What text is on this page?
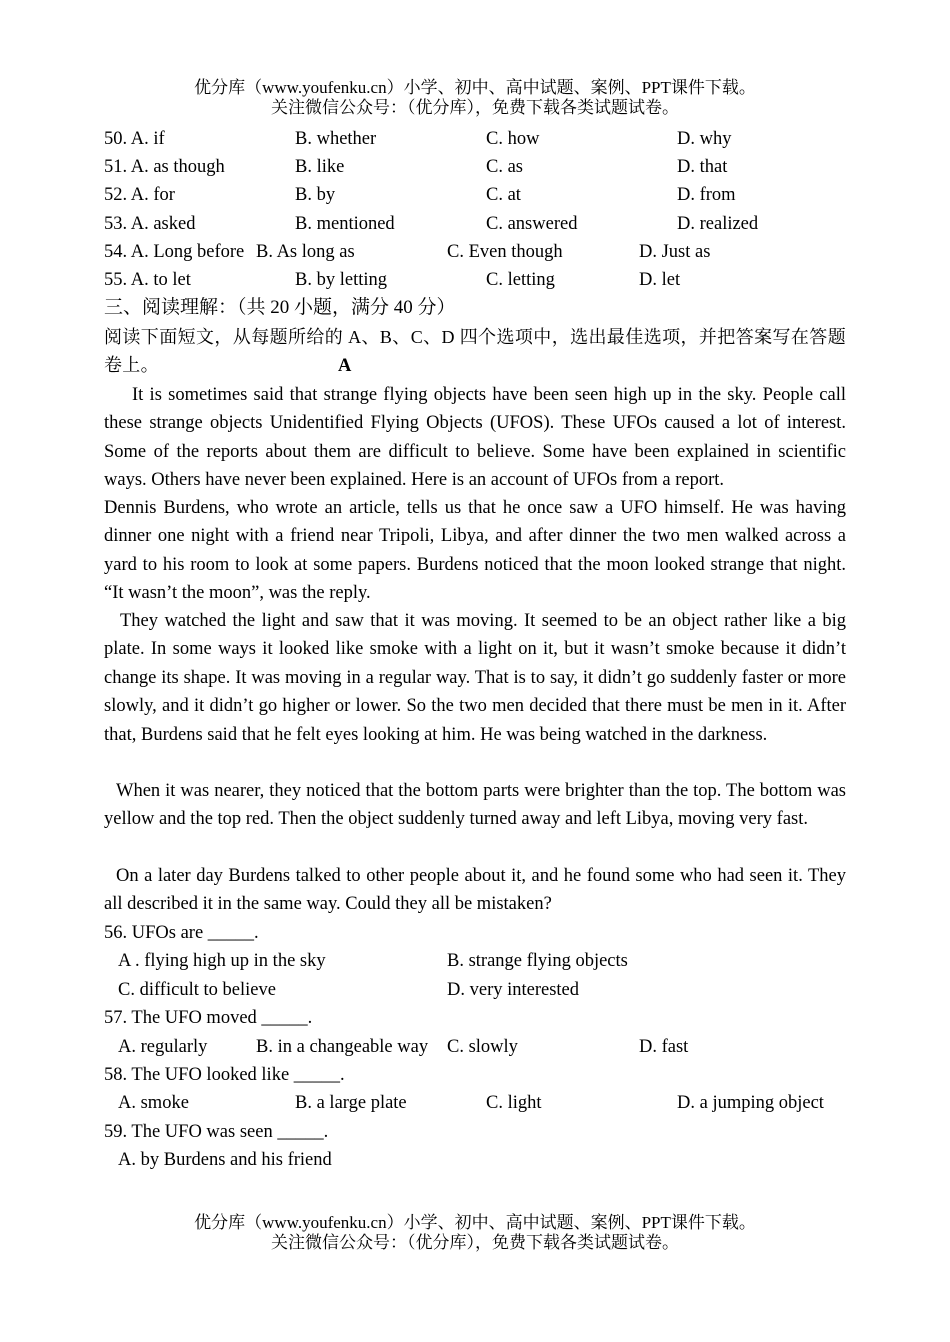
优分库（www.youfenku.cn）小学、初中、高中试题、案例、PPT课件下载。
关注微信公众号：（优分库），免费下载各类试题试卷。
50. A. if	B. whether	C. how	D. why
51. A. as though	B. like	C. as	D. that
52. A. for	B. by	C. at	D. from
53. A. asked	B. mentioned	C. answered	D. realized
54. A. Long before B. As long as	C. Even though	D. Just as
55. A. to let	B. by letting	C. letting	D. let
三、阅读理解：（共 20 小题，满分 40 分）
阅读下面短文，从每题所给的 A、B、C、D 四个选项中，选出最佳选项，并把答案写在答题卷上。	A
It is sometimes said that strange flying objects have been seen high up in the sky. People call these strange objects Unidentified Flying Objects (UFOS). These UFOs caused a lot of interest. Some of the reports about them are difficult to believe. Some have been explained in scientific ways. Others have never been explained. Here is an account of UFOs from a report.
Dennis Burdens, who wrote an article, tells us that he once saw a UFO himself. He was having dinner one night with a friend near Tripoli, Libya, and after dinner the two men walked across a yard to his room to look at some papers. Burdens noticed that the moon looked strange that night. “It wasn’t the moon”, was the reply.
They watched the light and saw that it was moving. It seemed to be an object rather like a big plate. In some ways it looked like smoke with a light on it, but it wasn’t smoke because it didn’t change its shape. It was moving in a regular way. That is to say, it didn’t go suddenly faster or more slowly, and it didn’t go higher or lower. So the two men decided that there must be men in it. After that, Burdens said that he felt eyes looking at him. He was being watched in the darkness.
When it was nearer, they noticed that the bottom parts were brighter than the top. The bottom was yellow and the top red. Then the object suddenly turned away and left Libya, moving very fast.
On a later day Burdens talked to other people about it, and he found some who had seen it. They all described it in the same way. Could they all be mistaken?
56. UFOs are _____.
A . flying high up in the sky	B. strange flying objects
C. difficult to believe	D. very interested
57. The UFO moved _____.
A. regularly	B. in a changeable way C. slowly	D. fast
58. The UFO looked like _____.
A. smoke	B. a large plate	C. light	D. a jumping object
59. The UFO was seen _____.
A. by Burdens and his friend
优分库（www.youfenku.cn）小学、初中、高中试题、案例、PPT课件下载。
关注微信公众号：（优分库），免费下载各类试题试卷。
